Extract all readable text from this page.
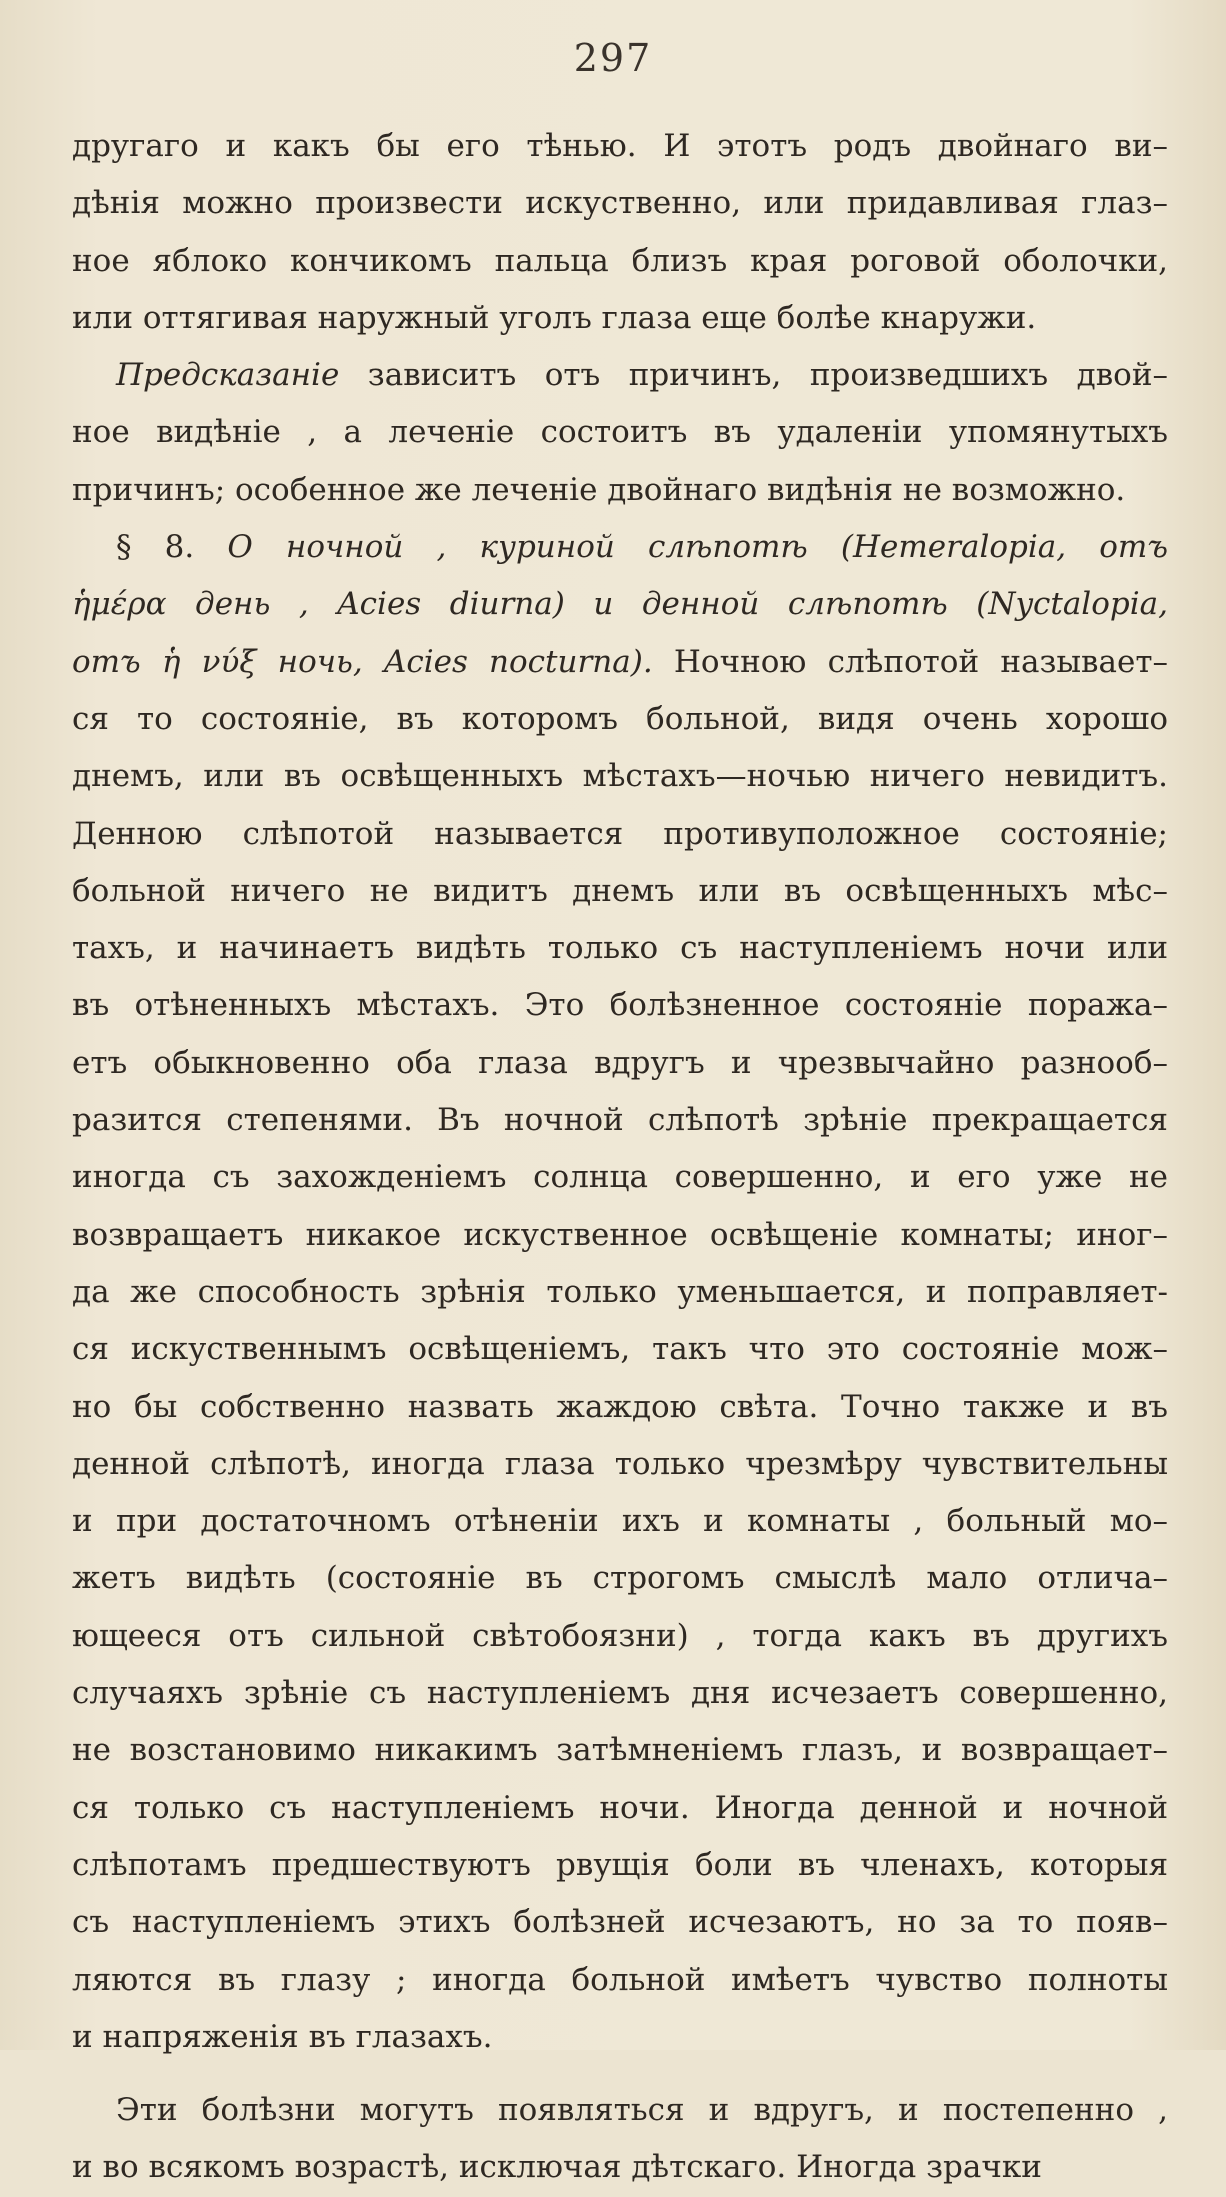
297
другаго и какъ бы его тѣнью. И этотъ родъ двойнаго ви–
дѣнія можно произвести искуственно, или придавливая глаз–
ное яблоко кончикомъ пальца близъ края роговой оболочки,
или оттягивая наружный уголъ глаза еще болѣе кнаружи.
Предсказаніе зависитъ отъ причинъ, произведшихъ двой–
ное видѣніе , а леченіе состоитъ въ удаленіи упомянутыхъ
причинъ; особенное же леченіе двойнаго видѣнія не возможно.
§ 8. О ночной , куриной слѣпотѣ (Hemeralopia, отъ
ἡμέρα день , Acies diurna) и денной слѣпотѣ (Nyctalopia,
отъ ἡ νύξ ночь, Acies nocturna). Ночною слѣпотой называет–
ся то состояніе, въ которомъ больной, видя очень хорошо
днемъ, или въ освѣщенныхъ мѣстахъ—ночью ничего невидитъ.
Денною слѣпотой называется противуположное состояніе;
больной ничего не видитъ днемъ или въ освѣщенныхъ мѣс–
тахъ, и начинаетъ видѣть только съ наступленіемъ ночи или
въ отѣненныхъ мѣстахъ. Это болѣзненное состояніе поража–
етъ обыкновенно оба глаза вдругъ и чрезвычайно разнооб–
разится степенями. Въ ночной слѣпотѣ зрѣніе прекращается
иногда съ захожденіемъ солнца совершенно, и его уже не
возвращаетъ никакое искуственное освѣщеніе комнаты; иног–
да же способность зрѣнія только уменьшается, и поправляет-
ся искуственнымъ освѣщеніемъ, такъ что это состояніе мож–
но бы собственно назвать жаждою свѣта. Точно также и въ
денной слѣпотѣ, иногда глаза только чрезмѣру чувствительны
и при достаточномъ отѣненіи ихъ и комнаты , больный мо–
жетъ видѣть (состояніе въ строгомъ смыслѣ мало отлича–
ющееся отъ сильной свѣтобоязни) , тогда какъ въ другихъ
случаяхъ зрѣніе съ наступленіемъ дня исчезаетъ совершенно,
не возстановимо никакимъ затѣмненіемъ глазъ, и возвращает–
ся только съ наступленіемъ ночи. Иногда денной и ночной
слѣпотамъ предшествуютъ рвущія боли въ членахъ, которыя
съ наступленіемъ этихъ болѣзней исчезаютъ, но за то появ–
ляются въ глазу ; иногда больной имѣетъ чувство полноты
и напряженія въ глазахъ.
Эти болѣзни могутъ появляться и вдругъ, и постепенно ,
и во всякомъ возрастѣ, исключая дѣтскаго. Иногда зрачки
